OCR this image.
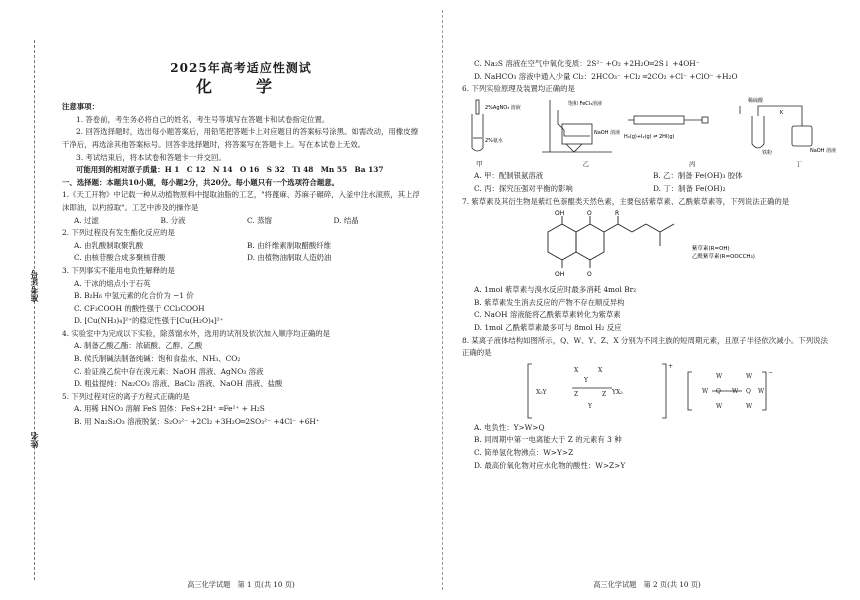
准考证号
姓名

2025年高考适应性测试

化　学

注意事项：

1. 答卷前，考生务必将自己的姓名、考生号等填写在答题卡和试卷指定位置。

2. 回答选择题时，选出每小题答案后，用铅笔把答题卡上对应题目的答案标号涂黑。如需改动，用橡皮擦干净后，再选涂其他答案标号。回答非选择题时，将答案写在答题卡上。写在本试卷上无效。

3. 考试结束后，将本试卷和答题卡一并交回。

可能用到的相对原子质量：H 1　C 12　N 14　O 16　S 32　Ti 48　Mn 55　Ba 137

一、选择题：本题共10小题，每小题2分，共20分。每小题只有一个选项符合题意。

1.《天工开物》中记载一种从动植物原料中提取油脂的工艺，"将蓖麻、苏麻子碾碎，入釜中注水滚煎，其上浮沫即油，以杓掠取"。工艺中涉及的操作是

A. 过滤	B. 分液	C. 蒸馏	D. 结晶

2. 下列过程没有发生酯化反应的是

A. 由乳酸制取聚乳酸	B. 由纤维素制取醋酸纤维
C. 由核苷酸合成多聚核苷酸	D. 由植物油制取人造奶油

3. 下列事实不能用电负性解释的是

A. 干冰的熔点小于石英

B. B₂H₆ 中氢元素的化合价为 −1 价

C. CF₃COOH 的酸性强于 CCl₃COOH

D. [Cu(NH₃)₄]²⁺的稳定性强于[Cu(H₂O)₄]²⁺

4. 实验室中为完成以下实验，除蒸馏水外，选用的试剂及依次加入顺序均正确的是

A. 制备乙酸乙酯：浓硫酸、乙醇、乙酸

B. 侯氏制碱法制备纯碱：饱和食盐水、NH₃、CO₂

C. 验证溴乙烷中存在溴元素：NaOH 溶液、AgNO₃ 溶液

D. 粗盐提纯：Na₂CO₃ 溶液、BaCl₂ 溶液、NaOH 溶液、盐酸

5. 下列过程对应的离子方程式正确的是

A. 用稀 HNO₃ 溶解 FeS 固体：FeS+2H⁺ ═Fe²⁺ + H₂S

B. 用 Na₂S₂O₃ 溶液脱氯：S₂O₃²⁻ +2Cl₂ +3H₂O═2SO₃²⁻ +4Cl⁻ +6H⁺

高三化学试题　第 1 页(共 10 页)

C. Na₂S 溶液在空气中氧化变质：2S²⁻ +O₂ +2H₂O═2S↓ +4OH⁻

D. NaHCO₃ 溶液中通入少量 Cl₂：2HCO₃⁻ +Cl₂ ═2CO₂ +Cl⁻ +ClO⁻ +H₂O

6. 下列实验原理及装置均正确的是

2%AgNO₃ 溶液
2%氨水
饱和 FeCl₃溶液
NaOH 溶液
H₂(g)+I₂(g) ⇌ 2HI(g)
稀硫酸
K
铁粉	NaOH 溶液
甲	乙	丙	丁
A. 甲：配制银氨溶液	B. 乙：制备 Fe(OH)₃ 胶体
C. 丙：探究压强对平衡的影响	D. 丁：制备 Fe(OH)₂

7. 紫草素及其衍生物是紫红色萘醌类天然色素，主要包括紫草素、乙酰紫草素等，下列说法正确的是

OH	O	R
OH	O
紫草素(R=OH)
乙酰紫草素(R=OOCCH₃)

A. 1mol 紫草素与溴水反应时最多消耗 4mol Br₂

B. 紫草素发生消去反应的产物不存在顺反异构

C. NaOH 溶液能将乙酰紫草素转化为紫草素

D. 1mol 乙酰紫草素最多可与 8mol H₂ 反应

8. 某离子液体结构如图所示，Q、W、Y、Z、X 分别为不同主族的短周期元素，且原子半径依次减小。下列说法正确的是

X₃Y
X	X
Y
Z	Z
Y
YX₃
+
W Q W Q W
W	W
W	W
−

A. 电负性：Y>W>Q

B. 同周期中第一电离能大于 Z 的元素有 3 种

C. 简单氢化物沸点：W>Y>Z

D. 最高价氧化物对应水化物的酸性：W>Z>Y

高三化学试题　第 2 页(共 10 页)
